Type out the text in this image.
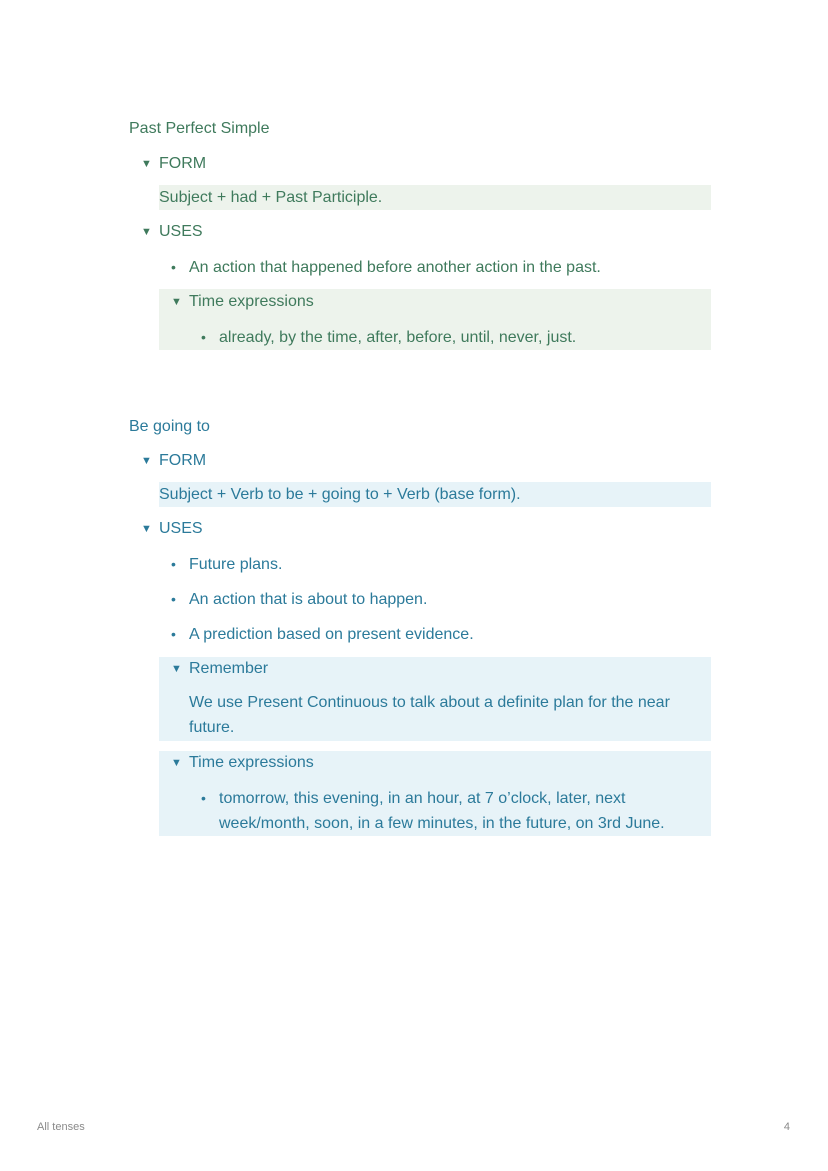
Past Perfect Simple
▼ FORM
Subject + had + Past Participle.
▼ USES
• An action that happened before another action in the past.
▼ Time expressions
• already, by the time, after, before, until, never, just.
Be going to
▼ FORM
Subject + Verb to be + going to + Verb (base form).
▼ USES
• Future plans.
• An action that is about to happen.
• A prediction based on present evidence.
▼ Remember
We use Present Continuous to talk about a definite plan for the near future.
▼ Time expressions
• tomorrow, this evening, in an hour, at 7 o’clock, later, next week/month, soon, in a few minutes, in the future, on 3rd June.
All tenses	4
